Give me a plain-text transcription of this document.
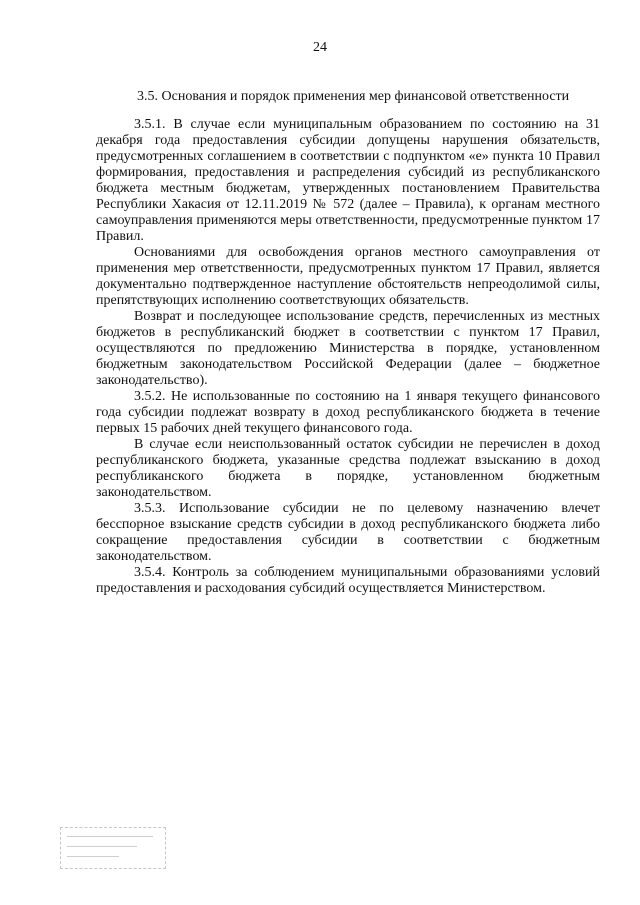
24
3.5. Основания и порядок применения мер финансовой ответственности

3.5.1. В случае если муниципальным образованием по состоянию на 31 декабря года предоставления субсидии допущены нарушения обязательств, предусмотренных соглашением в соответствии с подпунктом «е» пункта 10 Правил формирования, предоставления и распределения субсидий из республиканского бюджета местным бюджетам, утвержденных постановлением Правительства Республики Хакасия от 12.11.2019 № 572 (далее – Правила), к органам местного самоуправления применяются меры ответственности, предусмотренные пунктом 17 Правил.

Основаниями для освобождения органов местного самоуправления от применения мер ответственности, предусмотренных пунктом 17 Правил, является документально подтвержденное наступление обстоятельств непреодолимой силы, препятствующих исполнению соответствующих обязательств.

Возврат и последующее использование средств, перечисленных из местных бюджетов в республиканский бюджет в соответствии с пунктом 17 Правил, осуществляются по предложению Министерства в порядке, установленном бюджетным законодательством Российской Федерации (далее – бюджетное законодательство).

3.5.2. Не использованные по состоянию на 1 января текущего финансового года субсидии подлежат возврату в доход республиканского бюджета в течение первых 15 рабочих дней текущего финансового года.

В случае если неиспользованный остаток субсидии не перечислен в доход республиканского бюджета, указанные средства подлежат взысканию в доход республиканского бюджета в порядке, установленном бюджетным законодательством.

3.5.3. Использование субсидии не по целевому назначению влечет бесспорное взыскание средств субсидии в доход республиканского бюджета либо сокращение предоставления субсидии в соответствии с бюджетным законодательством.

3.5.4. Контроль за соблюдением муниципальными образованиями условий предоставления и расходования субсидий осуществляется Министерством.
